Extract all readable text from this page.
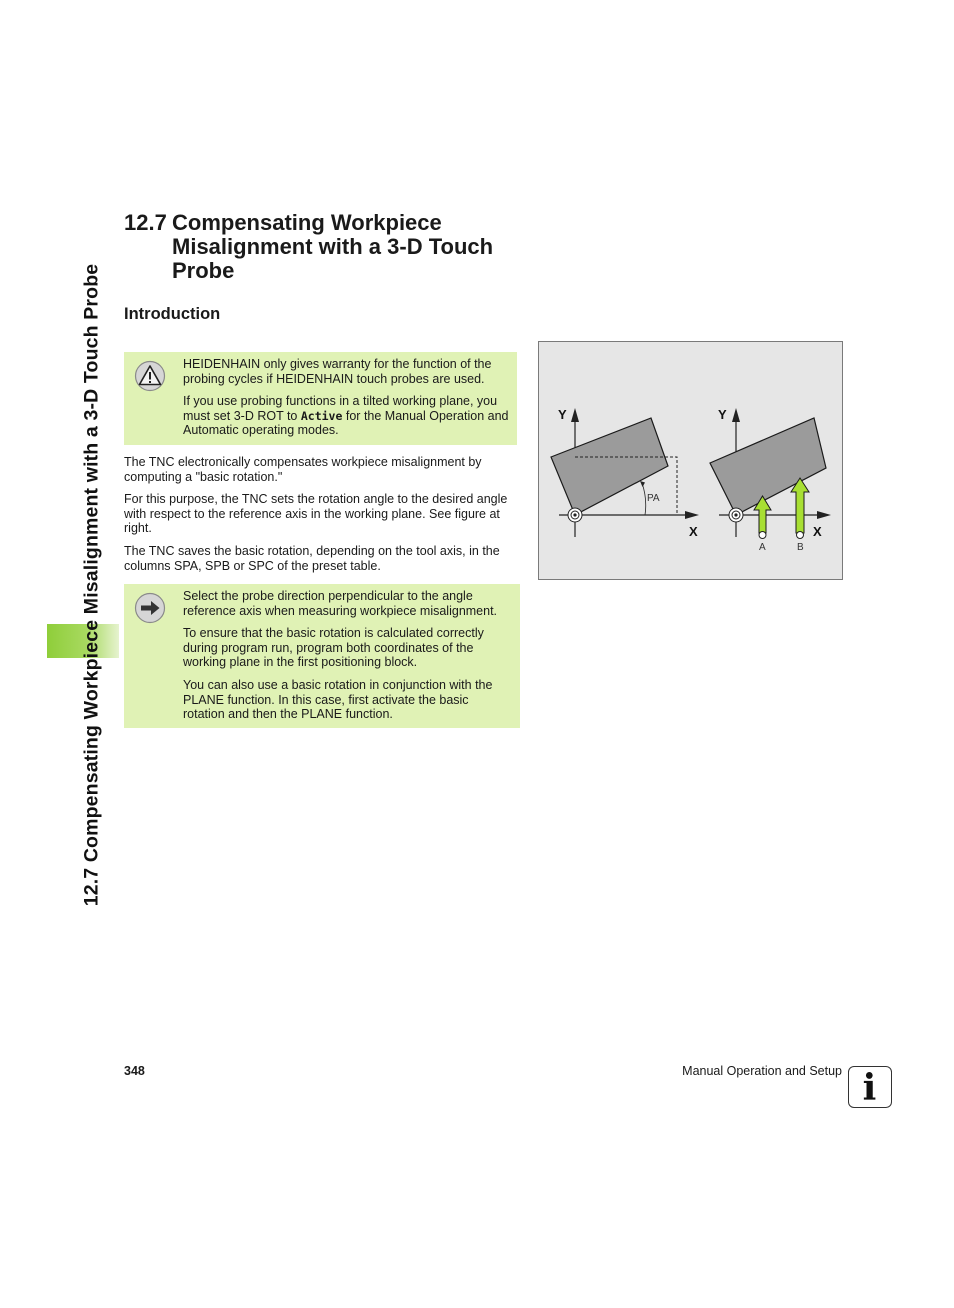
12.7 Compensating Workpiece Misalignment with a 3-D Touch Probe
12.7 Compensating Workpiece Misalignment with a 3-D Touch Probe
Introduction

HEIDENHAIN only gives warranty for the function of the probing cycles if HEIDENHAIN touch probes are used.

If you use probing functions in a tilted working plane, you must set 3-D ROT to Active for the Manual Operation and Automatic operating modes.

The TNC electronically compensates workpiece misalignment by computing a "basic rotation."

For this purpose, the TNC sets the rotation angle to the desired angle with respect to the reference axis in the working plane. See figure at right.

The TNC saves the basic rotation, depending on the tool axis, in the columns SPA, SPB or SPC of the preset table.

Select the probe direction perpendicular to the angle reference axis when measuring workpiece misalignment.

To ensure that the basic rotation is calculated correctly during program run, program both coordinates of the working plane in the first positioning block.

You can also use a basic rotation in conjunction with the PLANE function. In this case, first activate the basic rotation and then the PLANE function.

Y
X
PA
Y
X
A	B
348	Manual Operation and Setup i
